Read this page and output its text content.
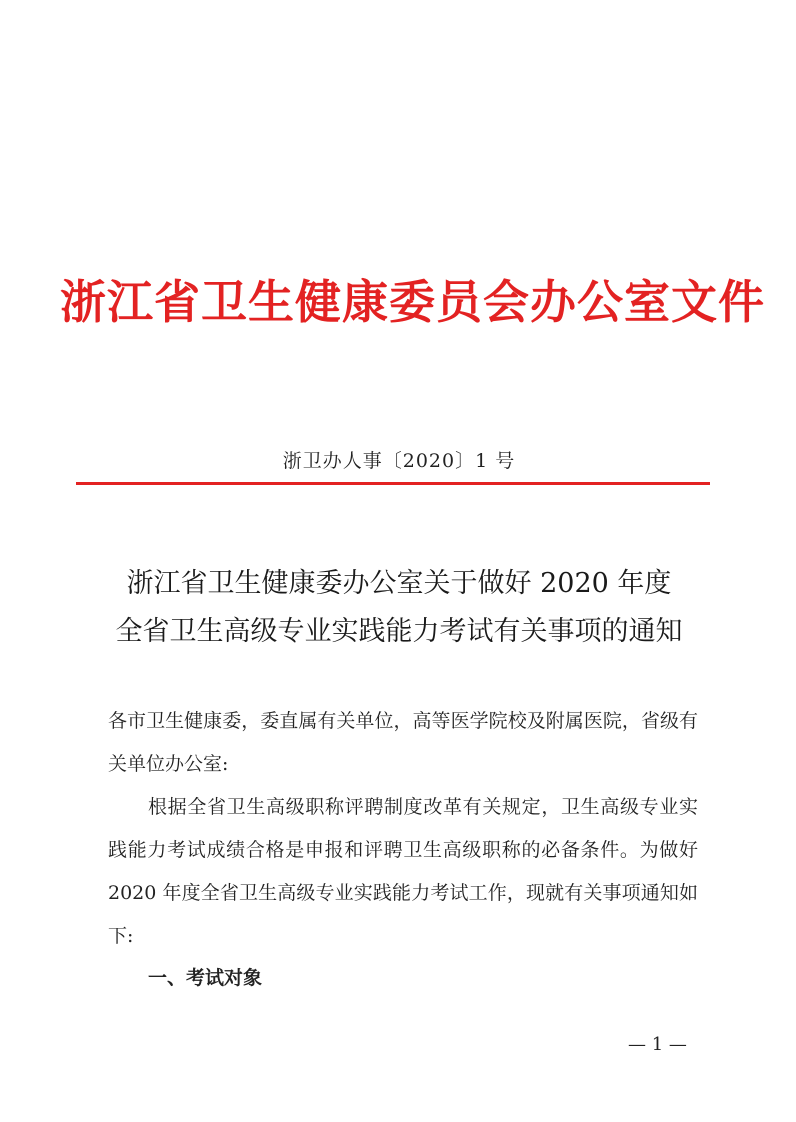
浙江省卫生健康委员会办公室文件
浙卫办人事〔2020〕1 号
浙江省卫生健康委办公室关于做好 2020 年度
全省卫生高级专业实践能力考试有关事项的通知

各市卫生健康委，委直属有关单位，高等医学院校及附属医院，省级有关单位办公室:

根据全省卫生高级职称评聘制度改革有关规定，卫生高级专业实践能力考试成绩合格是申报和评聘卫生高级职称的必备条件。为做好 2020 年度全省卫生高级专业实践能力考试工作，现就有关事项通知如下:

一、考试对象
— 1 —
